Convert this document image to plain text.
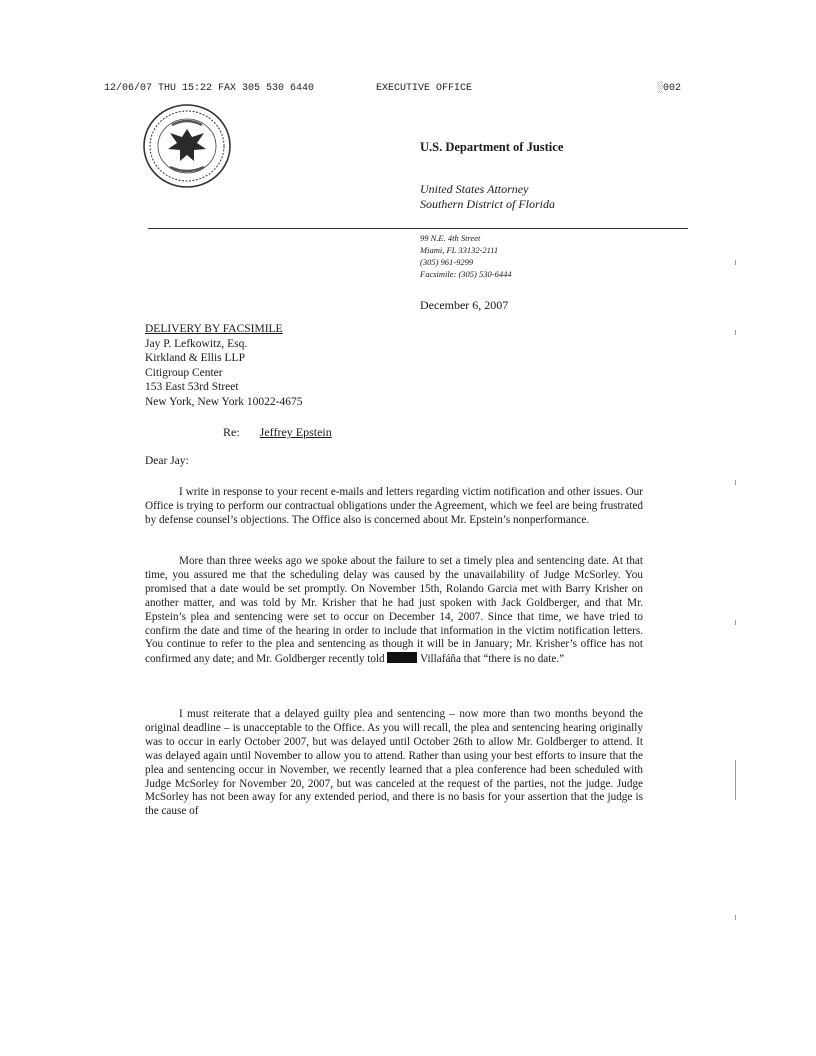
12/06/07 THU 15:22 FAX 305 530 6440	EXECUTIVE OFFICE	░002
U.S. Department of Justice
United States Attorney
Southern District of Florida
99 N.E. 4th Street
Miami, FL 33132-2111
(305) 961-9299
Facsimile: (305) 530-6444
December 6, 2007
DELIVERY BY FACSIMILE
Jay P. Lefkowitz, Esq.
Kirkland & Ellis LLP
Citigroup Center
153 East 53rd Street
New York, New York 10022-4675
Re: Jeffrey Epstein
Dear Jay:
I write in response to your recent e-mails and letters regarding victim notification and other issues. Our Office is trying to perform our contractual obligations under the Agreement, which we feel are being frustrated by defense counsel’s objections. The Office also is concerned about Mr. Epstein’s nonperformance.
More than three weeks ago we spoke about the failure to set a timely plea and sentencing date. At that time, you assured me that the scheduling delay was caused by the unavailability of Judge McSorley. You promised that a date would be set promptly. On November 15th, Rolando Garcia met with Barry Krisher on another matter, and was told by Mr. Krisher that he had just spoken with Jack Goldberger, and that Mr. Epstein’s plea and sentencing were set to occur on December 14, 2007. Since that time, we have tried to confirm the date and time of the hearing in order to include that information in the victim notification letters. You continue to refer to the plea and sentencing as though it will be in January; Mr. Krisher’s office has not confirmed any date; and Mr. Goldberger recently told	Villafáña that “there is no date.”
I must reiterate that a delayed guilty plea and sentencing – now more than two months beyond the original deadline – is unacceptable to the Office. As you will recall, the plea and sentencing hearing originally was to occur in early October 2007, but was delayed until October 26th to allow Mr. Goldberger to attend. It was delayed again until November to allow you to attend. Rather than using your best efforts to insure that the plea and sentencing occur in November, we recently learned that a plea conference had been scheduled with Judge McSorley for November 20, 2007, but was canceled at the request of the parties, not the judge. Judge McSorley has not been away for any extended period, and there is no basis for your assertion that the judge is the cause of
